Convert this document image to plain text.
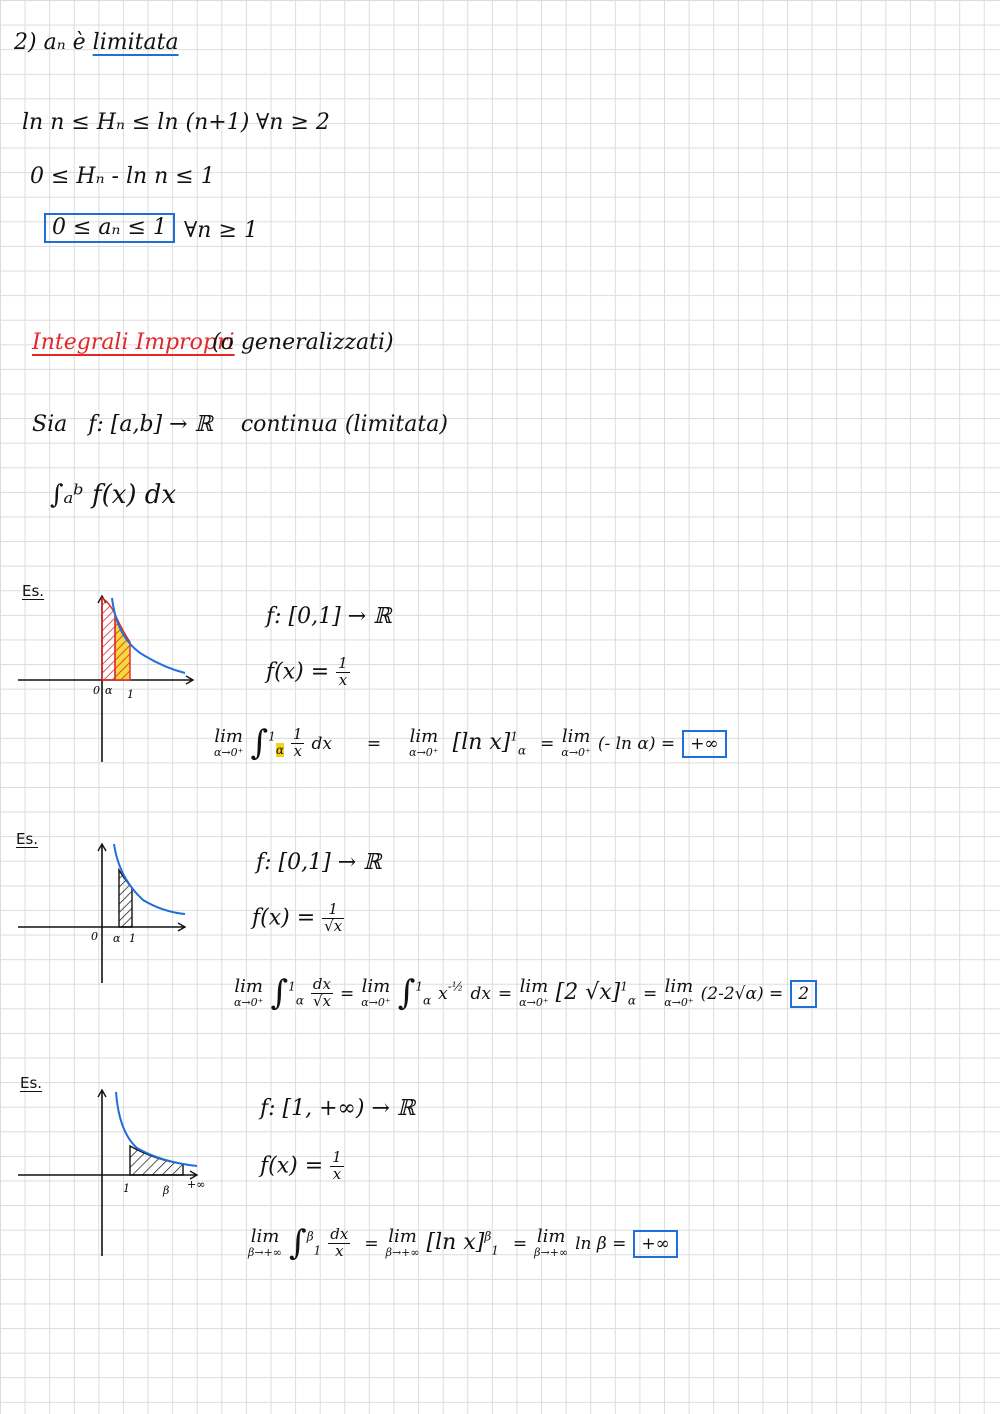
2) aₙ è limitata
ln n ≤ Hₙ ≤ ln (n+1) ∀n ≥ 2
0 ≤ Hₙ - ln n ≤ 1
0 ≤ aₙ ≤ 1 ∀n ≥ 1
Integrali Impropri
(o generalizzati)
Sia f: [a,b] → ℝ continua (limitata)
∫ₐᵇ f(x) dx
Es.
0 α 1
f: [0,1] → ℝ
$f(x) = \frac{1}{x}$
lim
α→0⁺ $\int^1_\alpha \frac{1}{x}$ dx = lim
α→0⁺ [ln x]$^1_\alpha$ = lim
α→0⁺ (- ln α) = +∞
Es.
0 α 1
f: [0,1] → ℝ
$f(x) = \frac{1}{√x}$
lim
α→0⁺ $\int^1_\alpha \frac{dx}{√x} = \lim$
α→0⁺ ∫$^1_\alpha$ $x^{-\frac{1}{2}}$ dx = lim
α→0⁺ [2 √x]$^1_\alpha$ = lim
α→0⁺ (2-2√α) = 2
Es.
1	β +∞
f: [1, +∞) → ℝ
$f(x) = \frac{1}{x}$
lim
β→+∞ $\int^\beta_1 \frac{dx}{x} = \lim$
β→+∞ [ln x]$^\beta_1$ = lim
β→+∞ ln β = +∞
